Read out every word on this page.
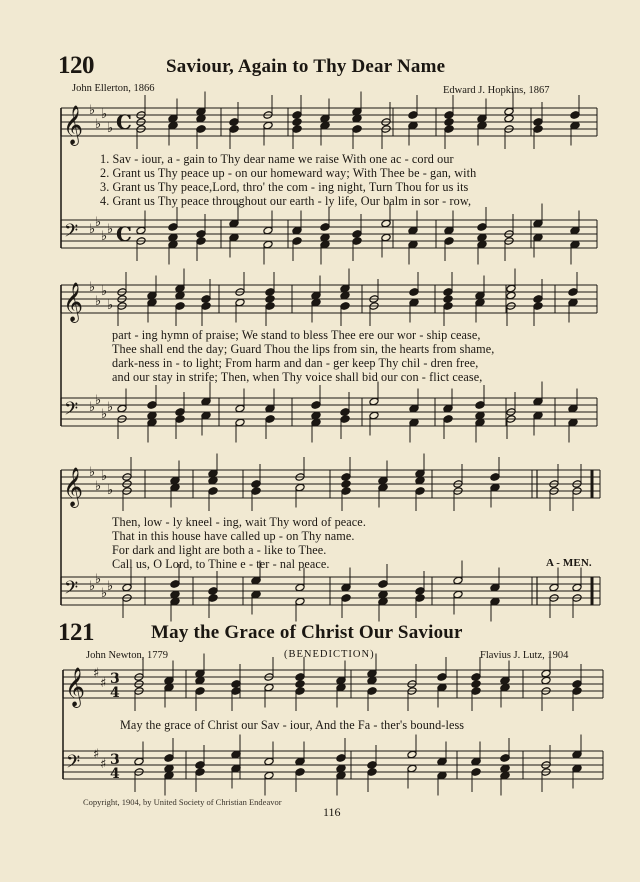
120	Saviour, Again to Thy Dear Name
John Ellerton, 1866	Edward J. Hopkins, 1867
𝄞
𝄢
♭
♭
♭
♭
♭ ♭
♭ ♭
C
C
𝄞
𝄢
♭
♭
♭
♭
♭ ♭
♭ ♭
𝄞
𝄢
♭
♭
♭
♭
♭ ♭
♭ ♭
𝄞
𝄢
♯
♯
♯
♯
3
4
3
4
1. Sav - iour, a - gain to Thy dear name we raise With one ac - cord our
2. Grant us Thy peace up - on our homeward way; With Thee be - gan, with
3. Grant us Thy peace,Lord, thro' the com - ing night, Turn Thou for us its
4. Grant us Thy peace throughout our earth - ly life, Our balm in sor - row,
part - ing hymn of praise; We stand to bless Thee ere our wor - ship cease,
Thee shall end the day; Guard Thou the lips from sin, the hearts from shame,
dark-ness in - to light; From harm and dan - ger keep Thy chil - dren free,
and our stay in strife; Then, when Thy voice shall bid our con - flict cease,
Then, low - ly kneel - ing, wait Thy word of peace.
That in this house have called up - on Thy name.
For dark and light are both a - like to Thee.
Call us, O Lord, to Thine e - ter - nal peace.	A - MEN.
121	May the Grace of Christ Our Saviour
John Newton, 1779	(BENEDICTION)	Flavius J. Lutz, 1904
May the grace of Christ our Sav - iour, And the Fa - ther's bound-less
Copyright, 1904, by United Society of Christian Endeavor
116
